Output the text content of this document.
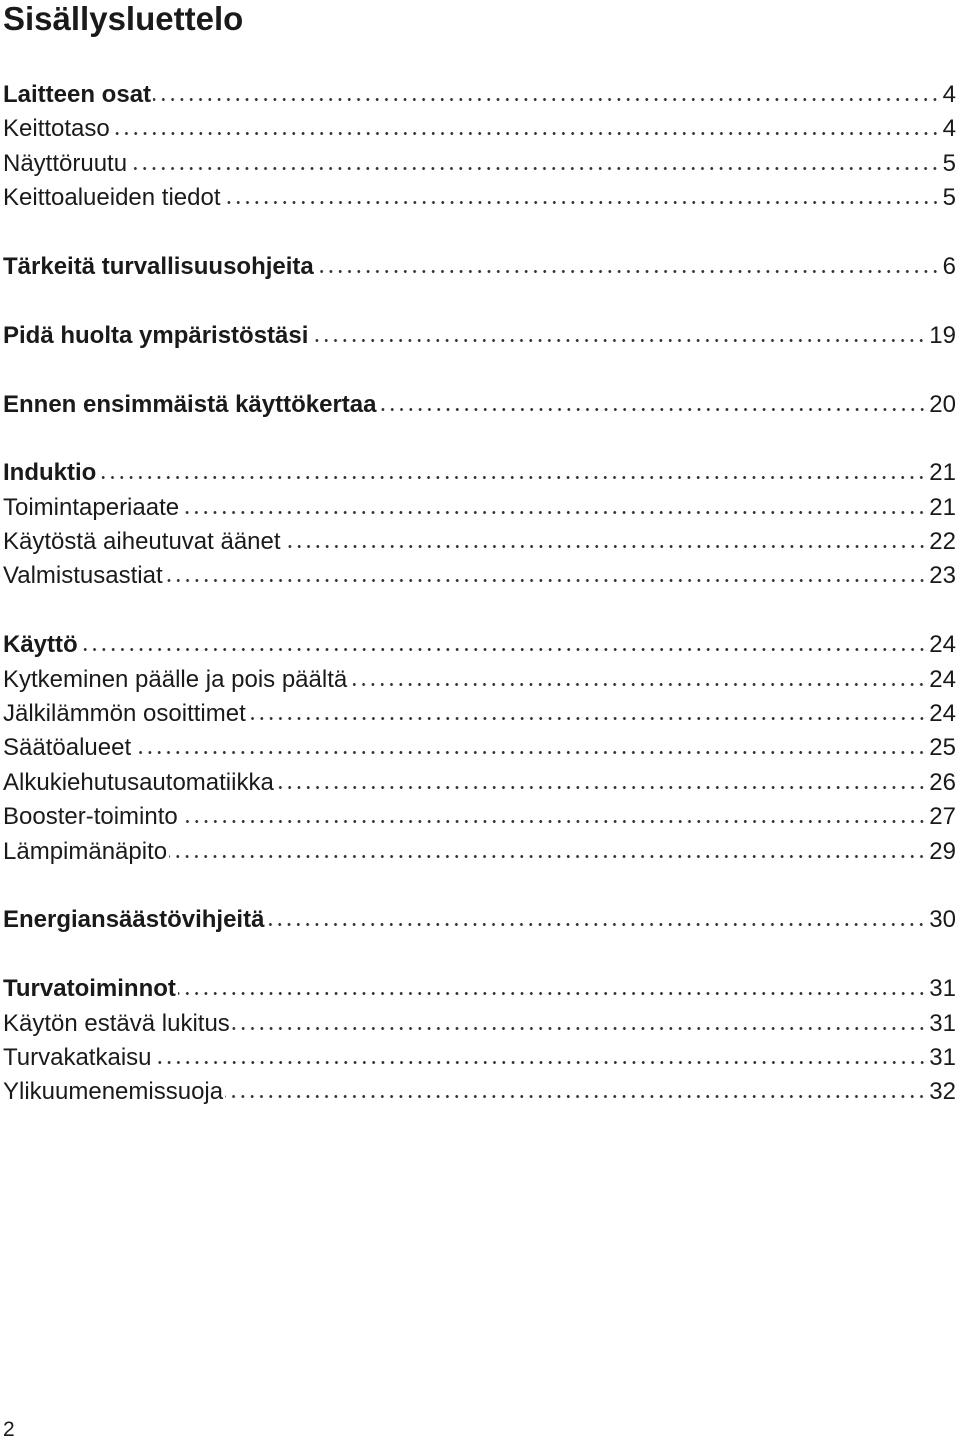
Sisällysluettelo
Laitteen osat	4
Keittotaso	4
Näyttöruutu	5
Keittoalueiden tiedot	5
Tärkeitä turvallisuusohjeita	6
Pidä huolta ympäristöstäsi	19
Ennen ensimmäistä käyttökertaa	20
Induktio	21
Toimintaperiaate	21
Käytöstä aiheutuvat äänet	22
Valmistusastiat	23
Käyttö	24
Kytkeminen päälle ja pois päältä	24
Jälkilämmön osoittimet	24
Säätöalueet	25
Alkukiehutusautomatiikka	26
Booster-toiminto	27
Lämpimänäpito	29
Energiansäästövihjeitä	30
Turvatoiminnot	31
Käytön estävä lukitus	31
Turvakatkaisu	31
Ylikuumenemissuoja	32
2
